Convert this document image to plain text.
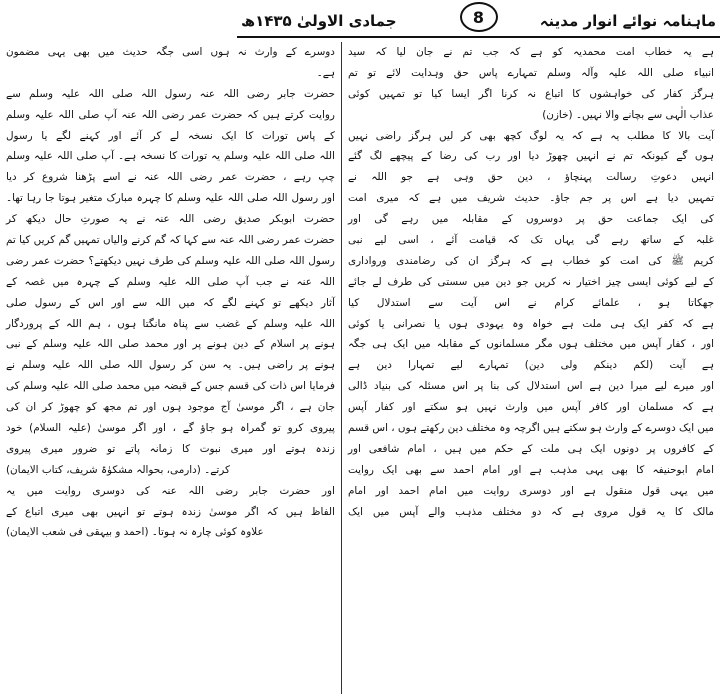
ماہنامہ نوائے انوار مدینہ
جمادی الاولیٰ ۱۴۳۵ھ	8
ہے یہ خطاب امت محمدیہ کو ہے کہ جب تم نے جان لیا کہ سید
انبیاء صلی اللہ علیہ وآلہ وسلم تمہارے پاس حق وہدایت لائے تو تم
ہرگز کفار کی خواہشوں کا اتباع نہ کرنا اگر ایسا کیا تو تمہیں کوئی
عذاب الٰہی سے بچانے والا نہیں۔ (خازن)
آیت بالا کا مطلب یہ ہے کہ یہ لوگ کچھ بھی کر لیں ہرگز راضی نہیں
ہوں گے کیونکہ تم نے انہیں چھوڑ دیا اور رب کی رضا کے پیچھے لگ گئے
انہیں دعوتِ رسالت پہنچاؤ ، دین حق وہی ہے جو اللہ نے
تمہیں دیا ہے اس پر جم جاؤ۔ حدیث شریف میں ہے کہ میری امت
کی ایک جماعت حق پر دوسروں کے مقابلہ میں رہے گی اور
غلبہ کے ساتھ رہے گی یہاں تک کہ قیامت آئے ، اسی لیے نبی
کریم ﷺ کی امت کو خطاب ہے کہ ہرگز ان کی رضامندی ورواداری
کے لیے کوئی ایسی چیز اختیار نہ کریں جو دین میں سستی کی طرف لے جائے
جھکاتا ہو ، علمائے کرام نے اس آیت سے استدلال کیا
ہے کہ کفر ایک ہی ملت ہے خواہ وہ یہودی ہوں یا نصرانی یا کوئی
اور ، کفار آپس میں مختلف ہوں مگر مسلمانوں کے مقابلہ میں ایک ہی جگہ
ہے آیت (لکم دینکم ولی دین) تمہارے لیے تمہارا دین ہے
اور میرے لیے میرا دین ہے اس استدلال کی بنا پر اس مسئلہ کی بنیاد ڈالی
ہے کہ مسلمان اور کافر آپس میں وارث نہیں ہو سکتے اور کفار آپس
میں ایک دوسرے کے وارث ہو سکتے ہیں اگرچہ وہ مختلف دین رکھتے ہوں ، اس قسم
کے کافروں پر دونوں ایک ہی ملت کے حکم میں ہیں ، امام شافعی اور
امام ابوحنیفہ کا بھی یہی مذہب ہے اور امام احمد سے بھی ایک روایت
میں یہی قول منقول ہے اور دوسری روایت میں امام احمد اور امام
مالک کا یہ قول مروی ہے کہ دو مختلف مذہب والے آپس میں ایک
دوسرے کے وارث نہ ہوں اسی جگہ حدیث میں بھی یہی مضمون
ہے۔
حضرت جابر رضی اللہ عنہ رسول اللہ صلی اللہ علیہ وسلم سے
روایت کرتے ہیں کہ حضرت عمر رضی اللہ عنہ آپ صلی اللہ علیہ وسلم
کے پاس تورات کا ایک نسخہ لے کر آئے اور کہنے لگے یا رسول
اللہ صلی اللہ علیہ وسلم یہ تورات کا نسخہ ہے۔ آپ صلی اللہ علیہ وسلم
چپ رہے ، حضرت عمر رضی اللہ عنہ نے اسے پڑھنا شروع کر دیا
اور رسول اللہ صلی اللہ علیہ وسلم کا چہرہ مبارک متغیر ہوتا جا رہا تھا۔
حضرت ابوبکر صدیق رضی اللہ عنہ نے یہ صورتِ حال دیکھ کر
حضرت عمر رضی اللہ عنہ سے کہا کہ گم کرنے والیاں تمہیں گم کریں کیا تم
رسول اللہ صلی اللہ علیہ وسلم کی طرف نہیں دیکھتے؟ حضرت عمر رضی
اللہ عنہ نے جب آپ صلی اللہ علیہ وسلم کے چہرہ میں غصہ کے
آثار دیکھے تو کہنے لگے کہ میں اللہ سے اور اس کے رسول صلی
اللہ علیہ وسلم کے غضب سے پناہ مانگتا ہوں ، ہم اللہ کے پروردگار
ہونے پر اسلام کے دین ہونے پر اور محمد صلی اللہ علیہ وسلم کے نبی
ہونے پر راضی ہیں۔ یہ سن کر رسول اللہ صلی اللہ علیہ وسلم نے
فرمایا اس ذات کی قسم جس کے قبضہ میں محمد صلی اللہ علیہ وسلم کی
جان ہے ، اگر موسیٰ آج موجود ہوں اور تم مجھ کو چھوڑ کر ان کی
پیروی کرو تو گمراہ ہو جاؤ گے ، اور اگر موسیٰ (علیہ السلام) خود
زندہ ہوتے اور میری نبوت کا زمانہ پاتے تو ضرور میری پیروی
کرتے۔ (دارمی، بحوالہ مشکوٰۃ شریف، کتاب الایمان)
اور حضرت جابر رضی اللہ عنہ کی دوسری روایت میں یہ
الفاظ ہیں کہ اگر موسیٰ زندہ ہوتے تو انہیں بھی میری اتباع کے
علاوہ کوئی چارہ نہ ہوتا۔ (احمد و بیہقی فی شعب الایمان)
